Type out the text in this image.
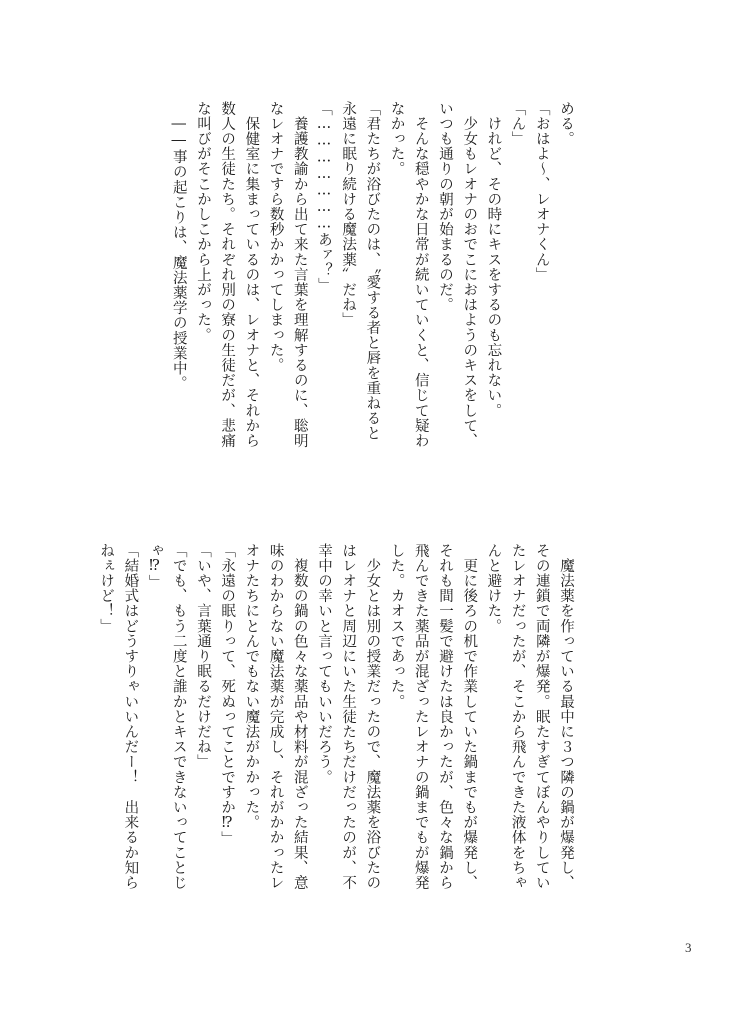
める。

「おはよ～、レオナくん」

「ん」

　けれど、その時にキスをするのも忘れない。

　少女もレオナのおでこにおはようのキスをして、

いつも通りの朝が始まるのだ。

　そんな穏やかな日常が続いていくと、信じて疑わ

なかった。

「君たちが浴びたのは、〝愛する者と唇を重ねると

永遠に眠り続ける魔法薬〟だね」

「…………………あァ？」

　養護教諭から出て来た言葉を理解するのに、聡明

なレオナですら数秒かかってしまった。

　保健室に集まっているのは、レオナと、それから

数人の生徒たち。それぞれ別の寮の生徒だが、悲痛

な叫びがそこかしこから上がった。

　――事の起こりは、魔法薬学の授業中。

　魔法薬を作っている最中に３つ隣の鍋が爆発し、

その連鎖で両隣が爆発。眠たすぎてぼんやりしてい

たレオナだったが、そこから飛んできた液体をちゃ

んと避けた。

　更に後ろの机で作業していた鍋までもが爆発し、

それも間一髪で避けたは良かったが、色々な鍋から

飛んできた薬品が混ざったレオナの鍋までもが爆発

した。カオスであった。

　少女とは別の授業だったので、魔法薬を浴びたの

はレオナと周辺にいた生徒たちだけだったのが、不

幸中の幸いと言ってもいいだろう。

　複数の鍋の色々な薬品や材料が混ざった結果、意

味のわからない魔法薬が完成し、それがかかったレ

オナたちにとんでもない魔法がかかった。

「永遠の眠りって、死ぬってことですか⁉」

「いや、言葉通り眠るだけだね」

「でも、もう二度と誰かとキスできないってことじ

ゃ⁉」

「結婚式はどうすりゃいいんだー！　出来るか知ら

ねぇけど！」

3
